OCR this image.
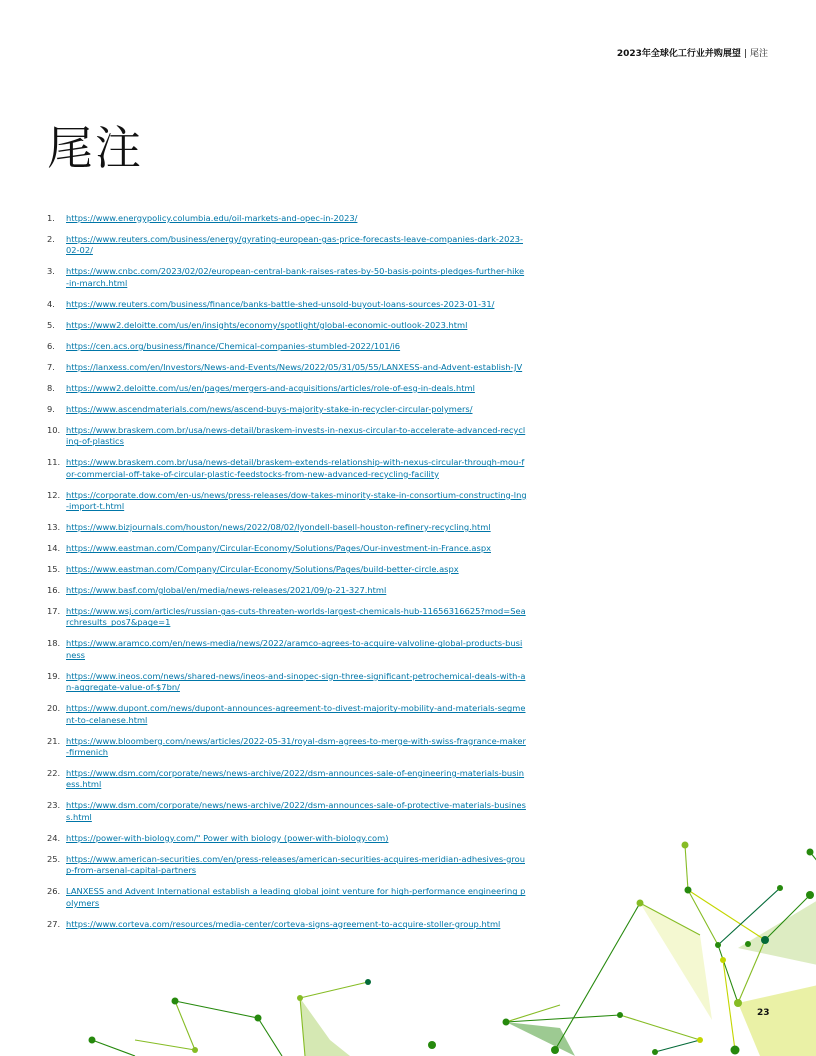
2023年全球化工行业并购展望 | 尾注
尾注
1.	https://www.energypolicy.columbia.edu/oil-markets-and-opec-in-2023/
2.	https://www.reuters.com/business/energy/gyrating-european-gas-price-forecasts-leave-companies-dark-2023-02-02/
3.	https://www.cnbc.com/2023/02/02/european-central-bank-raises-rates-by-50-basis-points-pledges-further-hike-in-march.html
4.	https://www.reuters.com/business/finance/banks-battle-shed-unsold-buyout-loans-sources-2023-01-31/
5.	https://www2.deloitte.com/us/en/insights/economy/spotlight/global-economic-outlook-2023.html
6.	https://cen.acs.org/business/finance/Chemical-companies-stumbled-2022/101/i6
7.	https://lanxess.com/en/Investors/News-and-Events/News/2022/05/31/05/55/LANXESS-and-Advent-establish-JV
8.	https://www2.deloitte.com/us/en/pages/mergers-and-acquisitions/articles/role-of-esg-in-deals.html
9.	https://www.ascendmaterials.com/news/ascend-buys-majority-stake-in-recycler-circular-polymers/
10. https://www.braskem.com.br/usa/news-detail/braskem-invests-in-nexus-circular-to-accelerate-advanced-recycling-of-plastics
11. https://www.braskem.com.br/usa/news-detail/braskem-extends-relationship-with-nexus-circular-through-mou-for-commercial-off-take-of-circular-plastic-feedstocks-from-new-advanced-recycling-facility
12. https://corporate.dow.com/en-us/news/press-releases/dow-takes-minority-stake-in-consortium-constructing-lng-import-t.html
13. https://www.bizjournals.com/houston/news/2022/08/02/lyondell-basell-houston-refinery-recycling.html
14. https://www.eastman.com/Company/Circular-Economy/Solutions/Pages/Our-investment-in-France.aspx
15. https://www.eastman.com/Company/Circular-Economy/Solutions/Pages/build-better-circle.aspx
16. https://www.basf.com/global/en/media/news-releases/2021/09/p-21-327.html
17. https://www.wsj.com/articles/russian-gas-cuts-threaten-worlds-largest-chemicals-hub-11656316625?mod=Searchresults_pos7&page=1
18. https://www.aramco.com/en/news-media/news/2022/aramco-agrees-to-acquire-valvoline-global-products-business
19. https://www.ineos.com/news/shared-news/ineos-and-sinopec-sign-three-significant-petrochemical-deals-with-an-aggregate-value-of-$7bn/
20. https://www.dupont.com/news/dupont-announces-agreement-to-divest-majority-mobility-and-materials-segment-to-celanese.html
21. https://www.bloomberg.com/news/articles/2022-05-31/royal-dsm-agrees-to-merge-with-swiss-fragrance-maker-firmenich
22. https://www.dsm.com/corporate/news/news-archive/2022/dsm-announces-sale-of-engineering-materials-business.html
23. https://www.dsm.com/corporate/news/news-archive/2022/dsm-announces-sale-of-protective-materials-business.html
24. https://power-with-biology.com/" Power with biology (power-with-biology.com)
25. https://www.american-securities.com/en/press-releases/american-securities-acquires-meridian-adhesives-group-from-arsenal-capital-partners
26. LANXESS and Advent International establish a leading global joint venture for high-performance engineering polymers
27. https://www.corteva.com/resources/media-center/corteva-signs-agreement-to-acquire-stoller-group.html
23
